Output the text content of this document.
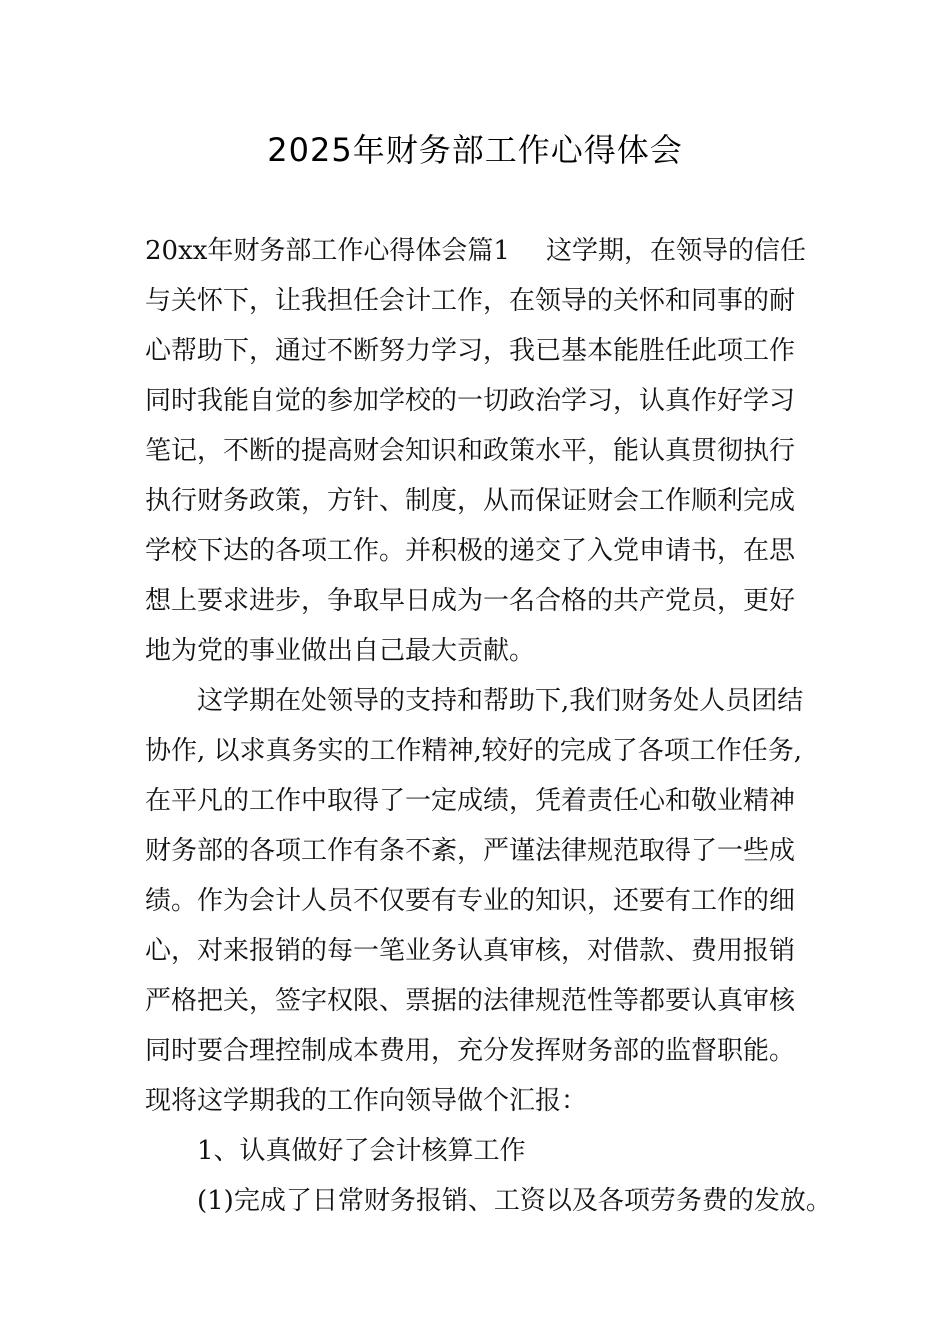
2025年财务部工作心得体会
20xx年财务部工作心得体会篇1 这学期，在领导的信任
与关怀下，让我担任会计工作，在领导的关怀和同事的耐
心帮助下，通过不断努力学习，我已基本能胜任此项工作
同时我能自觉的参加学校的一切政治学习，认真作好学习
笔记，不断的提高财会知识和政策水平，能认真贯彻执行
执行财务政策，方针、制度，从而保证财会工作顺利完成
学校下达的各项工作。并积极的递交了入党申请书，在思
想上要求进步，争取早日成为一名合格的共产党员，更好
地为党的事业做出自己最大贡献。
这学期在处领导的支持和帮助下,我们财务处人员团结
协作, 以求真务实的工作精神,较好的完成了各项工作任务,
在平凡的工作中取得了一定成绩，凭着责任心和敬业精神
财务部的各项工作有条不紊，严谨法律规范取得了一些成
绩。作为会计人员不仅要有专业的知识，还要有工作的细
心，对来报销的每一笔业务认真审核，对借款、费用报销
严格把关，签字权限、票据的法律规范性等都要认真审核
同时要合理控制成本费用，充分发挥财务部的监督职能。
现将这学期我的工作向领导做个汇报：
1、认真做好了会计核算工作
(1)完成了日常财务报销、工资以及各项劳务费的发放。
